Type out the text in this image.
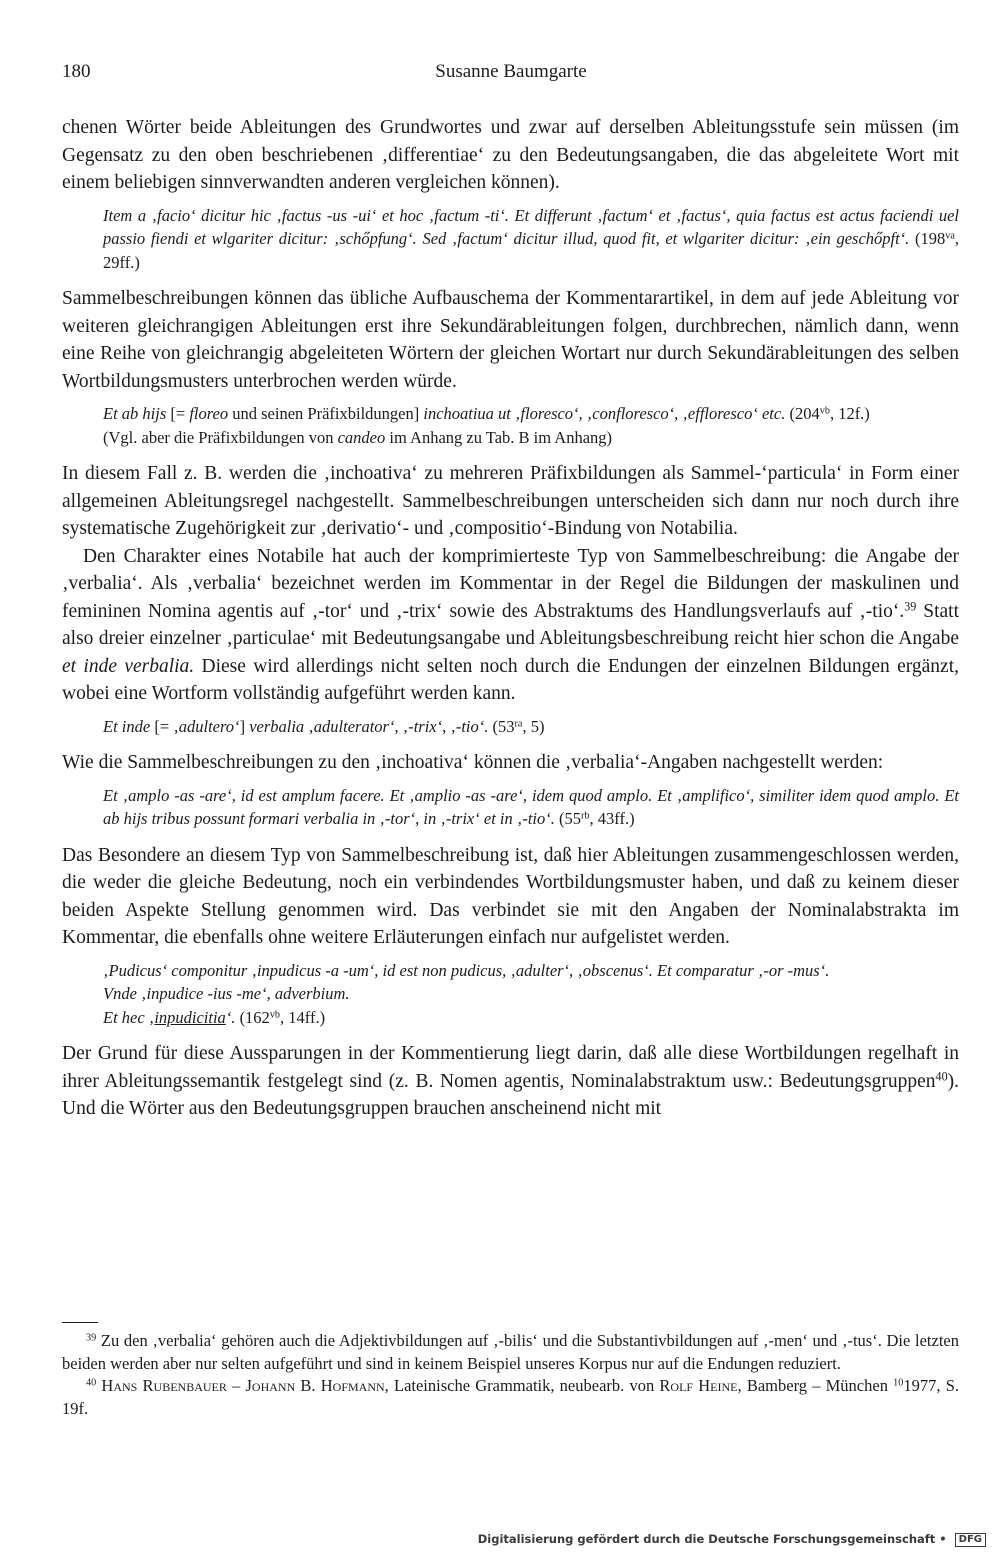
180	Susanne Baumgarte

chenen Wörter beide Ableitungen des Grundwortes und zwar auf derselben Ableitungsstufe sein müssen (im Gegensatz zu den oben beschriebenen ‚differentiae‘ zu den Bedeutungsangaben, die das abgeleitete Wort mit einem beliebigen sinnverwandten anderen vergleichen können).

Item a ‚facio‘ dicitur hic ‚factus -us -ui‘ et hoc ‚factum -ti‘. Et differunt ‚factum‘ et ‚factus‘, quia factus est actus faciendi uel passio fiendi et wlgariter dicitur: ‚schőpfung‘. Sed ‚factum‘ dicitur illud, quod fit, et wlgariter dicitur: ‚ein geschőpft‘. ($198^{va}$, 29ff.)

Sammelbeschreibungen können das übliche Aufbauschema der Kommentarartikel, in dem auf jede Ableitung vor weiteren gleichrangigen Ableitungen erst ihre Sekundärableitungen folgen, durchbrechen, nämlich dann, wenn eine Reihe von gleichrangig abgeleiteten Wörtern der gleichen Wortart nur durch Sekundärableitungen des selben Wortbildungsmusters unterbrochen werden würde.

Et ab hijs [= floreo und seinen Präfixbildungen] inchoatiua ut ‚floresco‘, ‚confloresco‘, ‚effloresco‘ etc. ($204^{vb}$, 12f.)
(Vgl. aber die Präfixbildungen von candeo im Anhang zu Tab. B im Anhang)

In diesem Fall z. B. werden die ‚inchoativa‘ zu mehreren Präfixbildungen als Sammel-‘particula‘ in Form einer allgemeinen Ableitungsregel nachgestellt. Sammelbeschreibungen unterscheiden sich dann nur noch durch ihre systematische Zugehörigkeit zur ‚derivatio‘- und ‚compositio‘-Bindung von Notabilia.

Den Charakter eines Notabile hat auch der komprimierteste Typ von Sammelbeschreibung: die Angabe der ‚verbalia‘. Als ‚verbalia‘ bezeichnet werden im Kommentar in der Regel die Bildungen der maskulinen und femininen Nomina agentis auf ‚-tor‘ und ‚-trix‘ sowie des Abstraktums des Handlungsverlaufs auf ‚-tio‘.$^{39}$ Statt also dreier einzelner ‚particulae‘ mit Bedeutungsangabe und Ableitungsbeschreibung reicht hier schon die Angabe et inde verbalia. Diese wird allerdings nicht selten noch durch die Endungen der einzelnen Bildungen ergänzt, wobei eine Wortform vollständig aufgeführt werden kann.

Et inde [= ‚adultero‘] verbalia ‚adulterator‘, ‚-trix‘, ‚-tio‘. ($53^{ra}$, 5)

Wie die Sammelbeschreibungen zu den ‚inchoativa‘ können die ‚verbalia‘-Angaben nachgestellt werden:

Et ‚amplo -as -are‘, id est amplum facere. Et ‚amplio -as -are‘, idem quod amplo. Et ‚amplifico‘, similiter idem quod amplo. Et ab hijs tribus possunt formari verbalia in ‚-tor‘, in ‚-trix‘ et in ‚-tio‘. ($55^{rb}$, 43ff.)

Das Besondere an diesem Typ von Sammelbeschreibung ist, daß hier Ableitungen zusammengeschlossen werden, die weder die gleiche Bedeutung, noch ein verbindendes Wortbildungsmuster haben, und daß zu keinem dieser beiden Aspekte Stellung genommen wird. Das verbindet sie mit den Angaben der Nominalabstrakta im Kommentar, die ebenfalls ohne weitere Erläuterungen einfach nur aufgelistet werden.

‚Pudicus‘ componitur ‚inpudicus -a -um‘, id est non pudicus, ‚adulter‘, ‚obscenus‘. Et comparatur ‚-or -mus‘.
Vnde ‚inpudice -ius -me‘, adverbium.
Et hec ‚inpudicitia‘. ($162^{vb}$, 14ff.)

Der Grund für diese Aussparungen in der Kommentierung liegt darin, daß alle diese Wortbildungen regelhaft in ihrer Ableitungssemantik festgelegt sind (z. B. Nomen agentis, Nominalabstraktum usw.: Bedeutungsgruppen$^{40}$). Und die Wörter aus den Bedeutungsgruppen brauchen anscheinend nicht mit

$^{39}$ Zu den ‚verbalia‘ gehören auch die Adjektivbildungen auf ‚-bilis‘ und die Substantivbildungen auf ‚-men‘ und ‚-tus‘. Die letzten beiden werden aber nur selten aufgeführt und sind in keinem Beispiel unseres Korpus nur auf die Endungen reduziert.

$^{40}$ Hans Rubenbauer – Johann B. Hofmann, Lateinische Grammatik, neubearb. von Rolf Heine, Bamberg – München $^{10}$1977, S. 19f.

Digitalisierung gefördert durch die Deutsche Forschungsgemeinschaft • DFG
